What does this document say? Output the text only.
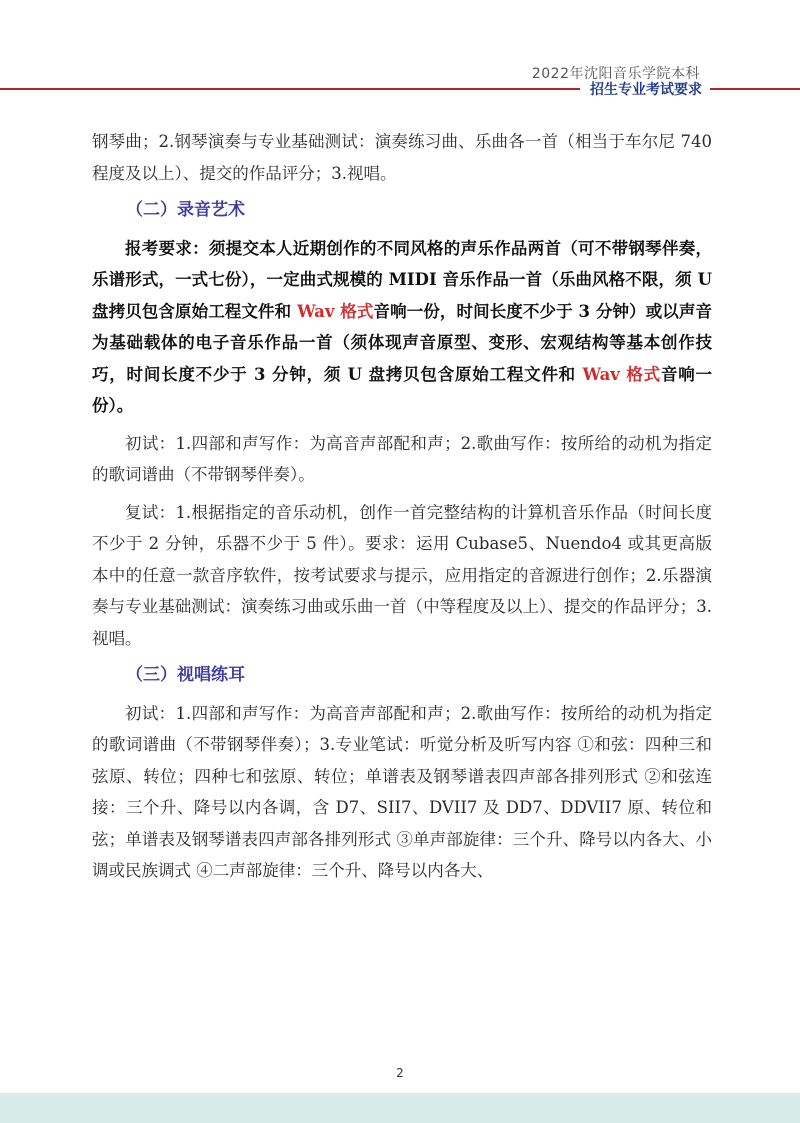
2022年沈阳音乐学院本科
招生专业考试要求

钢琴曲；2.钢琴演奏与专业基础测试：演奏练习曲、乐曲各一首（相当于车尔尼 740 程度及以上）、提交的作品评分；3.视唱。

（二）录音艺术

报考要求：须提交本人近期创作的不同风格的声乐作品两首（可不带钢琴伴奏，乐谱形式，一式七份），一定曲式规模的 MIDI 音乐作品一首（乐曲风格不限，须 U 盘拷贝包含原始工程文件和 Wav 格式音响一份，时间长度不少于 3 分钟）或以声音为基础载体的电子音乐作品一首（须体现声音原型、变形、宏观结构等基本创作技巧，时间长度不少于 3 分钟，须 U 盘拷贝包含原始工程文件和 Wav 格式音响一份）。

初试：1.四部和声写作：为高音声部配和声；2.歌曲写作：按所给的动机为指定的歌词谱曲（不带钢琴伴奏）。

复试：1.根据指定的音乐动机，创作一首完整结构的计算机音乐作品（时间长度不少于 2 分钟，乐器不少于 5 件）。要求：运用 Cubase5、Nuendo4 或其更高版本中的任意一款音序软件，按考试要求与提示，应用指定的音源进行创作；2.乐器演奏与专业基础测试：演奏练习曲或乐曲一首（中等程度及以上）、提交的作品评分；3.视唱。

（三）视唱练耳

初试：1.四部和声写作：为高音声部配和声；2.歌曲写作：按所给的动机为指定的歌词谱曲（不带钢琴伴奏）；3.专业笔试：听觉分析及听写内容 ①和弦：四种三和弦原、转位；四种七和弦原、转位；单谱表及钢琴谱表四声部各排列形式 ②和弦连接：三个升、降号以内各调，含 D7、SII7、DVII7 及 DD7、DDVII7 原、转位和弦；单谱表及钢琴谱表四声部各排列形式 ③单声部旋律：三个升、降号以内各大、小调或民族调式 ④二声部旋律：三个升、降号以内各大、

2
